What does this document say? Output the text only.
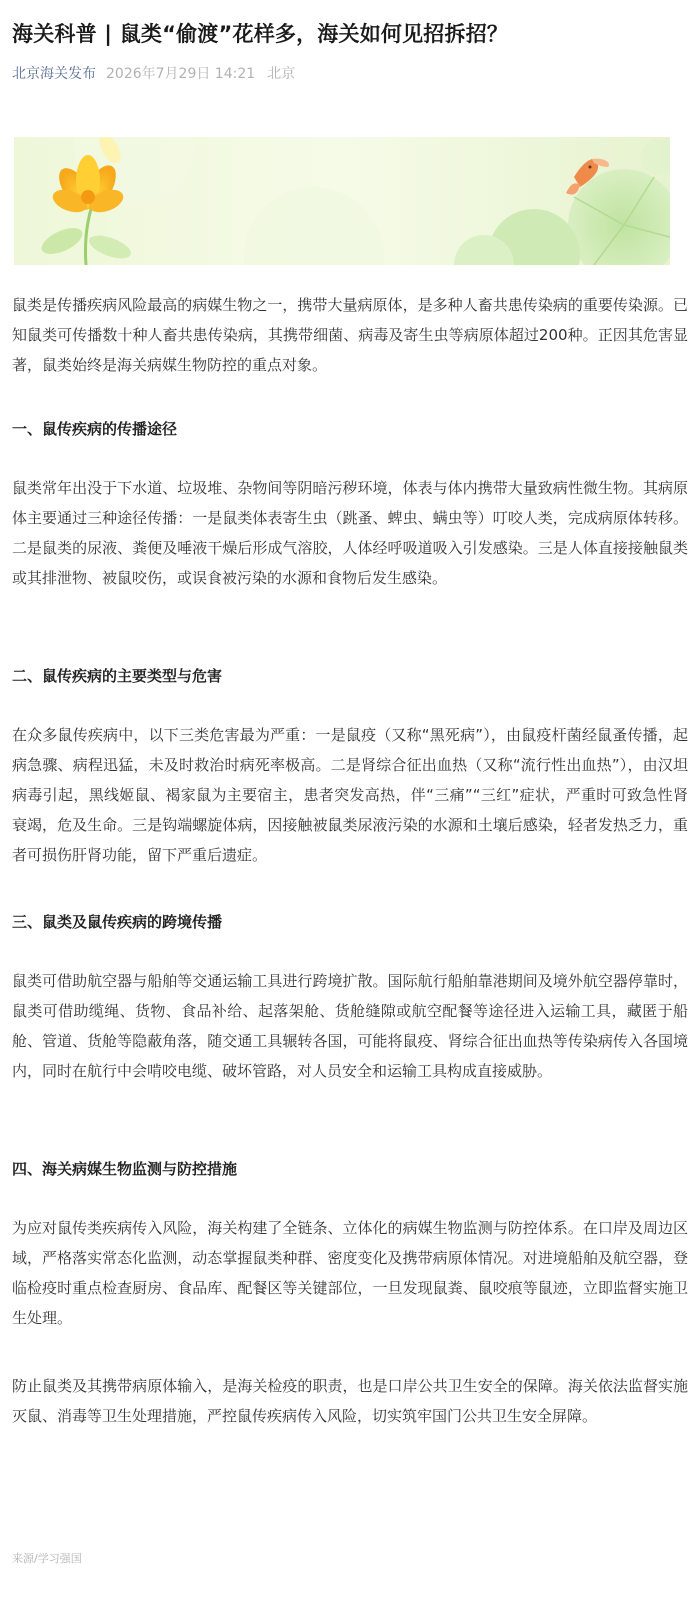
海关科普 | 鼠类“偷渡”花样多，海关如何见招拆招？
北京海关发布 2026年7月29日 14:21 北京

鼠类是传播疾病风险最高的病媒生物之一，携带大量病原体，是多种人畜共患传染病的重要传染源。已知鼠类可传播数十种人畜共患传染病，其携带细菌、病毒及寄生虫等病原体超过200种。正因其危害显著，鼠类始终是海关病媒生物防控的重点对象。

一、鼠传疾病的传播途径

鼠类常年出没于下水道、垃圾堆、杂物间等阴暗污秽环境，体表与体内携带大量致病性微生物。其病原体主要通过三种途径传播：一是鼠类体表寄生虫（跳蚤、蜱虫、螨虫等）叮咬人类，完成病原体转移。二是鼠类的尿液、粪便及唾液干燥后形成气溶胶，人体经呼吸道吸入引发感染。三是人体直接接触鼠类或其排泄物、被鼠咬伤，或误食被污染的水源和食物后发生感染。

二、鼠传疾病的主要类型与危害

在众多鼠传疾病中，以下三类危害最为严重：一是鼠疫（又称“黑死病”），由鼠疫杆菌经鼠蚤传播，起病急骤、病程迅猛，未及时救治时病死率极高。二是肾综合征出血热（又称“流行性出血热”），由汉坦病毒引起，黑线姬鼠、褐家鼠为主要宿主，患者突发高热，伴“三痛”“三红”症状，严重时可致急性肾衰竭，危及生命。三是钩端螺旋体病，因接触被鼠类尿液污染的水源和土壤后感染，轻者发热乏力，重者可损伤肝肾功能，留下严重后遗症。

三、鼠类及鼠传疾病的跨境传播

鼠类可借助航空器与船舶等交通运输工具进行跨境扩散。国际航行船舶靠港期间及境外航空器停靠时，鼠类可借助缆绳、货物、食品补给、起落架舱、货舱缝隙或航空配餐等途径进入运输工具，藏匿于船舱、管道、货舱等隐蔽角落，随交通工具辗转各国，可能将鼠疫、肾综合征出血热等传染病传入各国境内，同时在航行中会啃咬电缆、破坏管路，对人员安全和运输工具构成直接威胁。

四、海关病媒生物监测与防控措施

为应对鼠传类疾病传入风险，海关构建了全链条、立体化的病媒生物监测与防控体系。在口岸及周边区域，严格落实常态化监测，动态掌握鼠类种群、密度变化及携带病原体情况。对进境船舶及航空器，登临检疫时重点检查厨房、食品库、配餐区等关键部位，一旦发现鼠粪、鼠咬痕等鼠迹，立即监督实施卫生处理。

防止鼠类及其携带病原体输入，是海关检疫的职责，也是口岸公共卫生安全的保障。海关依法监督实施灭鼠、消毒等卫生处理措施，严控鼠传疾病传入风险，切实筑牢国门公共卫生安全屏障。

来源/学习强国
